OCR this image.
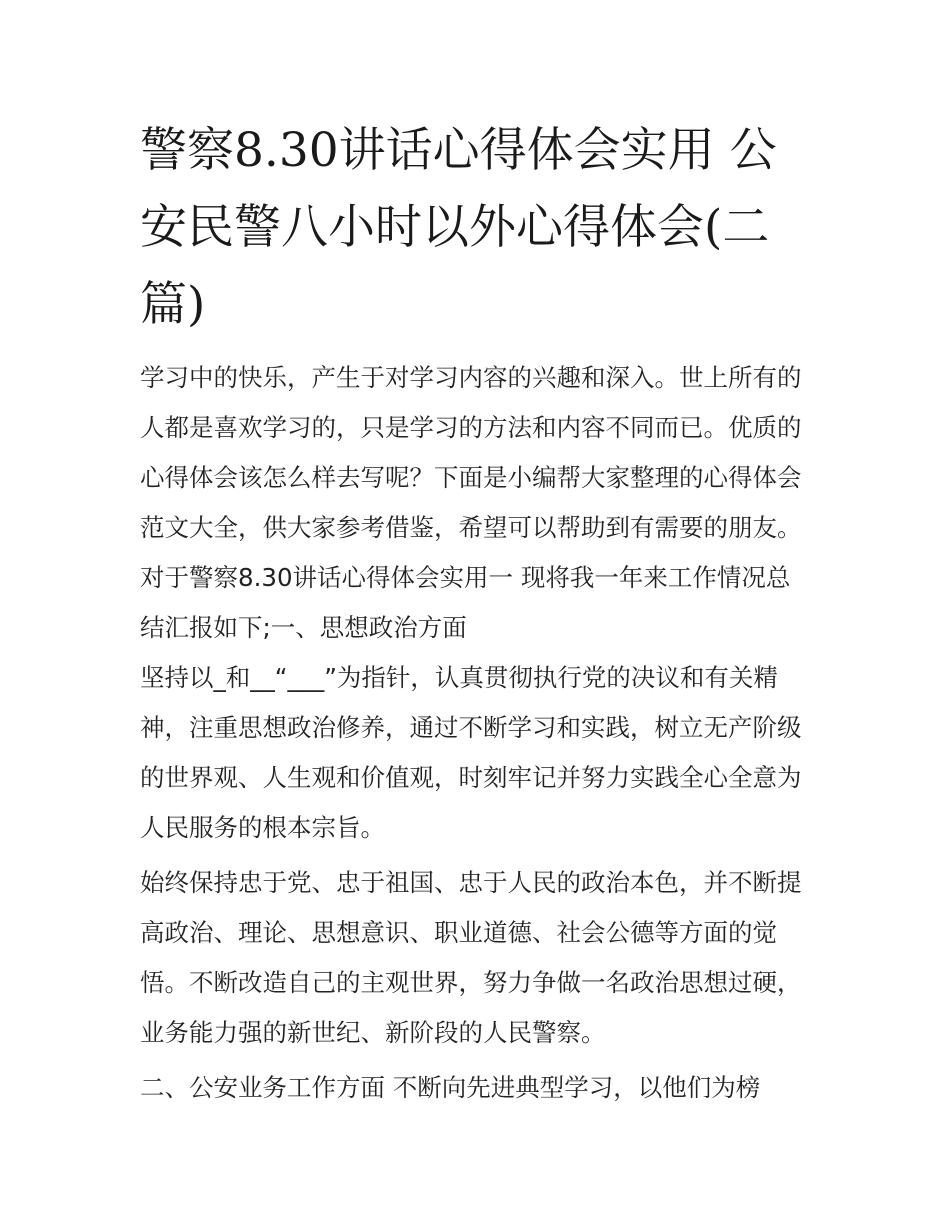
警察8.30讲话心得体会实用 公
安民警八小时以外心得体会(二
篇)
学习中的快乐，产生于对学习内容的兴趣和深入。世上所有的
人都是喜欢学习的，只是学习的方法和内容不同而已。优质的
心得体会该怎么样去写呢？下面是小编帮大家整理的心得体会
范文大全，供大家参考借鉴，希望可以帮助到有需要的朋友。
对于警察8.30讲话心得体会实用一 现将我一年来工作情况总
结汇报如下;一、思想政治方面
坚持以_和__“___”为指针，认真贯彻执行党的决议和有关精
神，注重思想政治修养，通过不断学习和实践，树立无产阶级
的世界观、人生观和价值观，时刻牢记并努力实践全心全意为
人民服务的根本宗旨。
始终保持忠于党、忠于祖国、忠于人民的政治本色，并不断提
高政治、理论、思想意识、职业道德、社会公德等方面的觉
悟。不断改造自己的主观世界，努力争做一名政治思想过硬，
业务能力强的新世纪、新阶段的人民警察。
二、公安业务工作方面 不断向先进典型学习，以他们为榜
